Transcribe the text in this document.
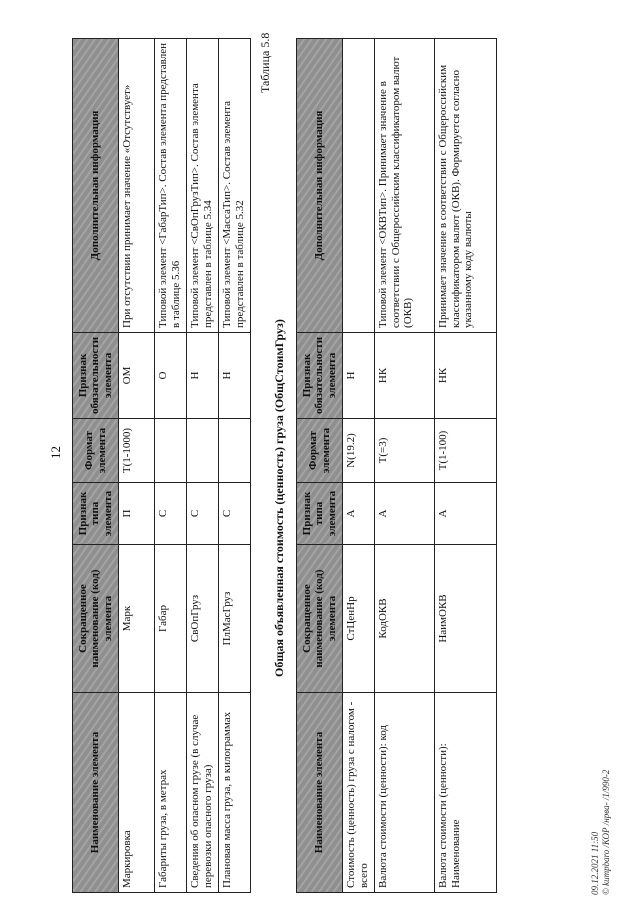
12
Наименование элемента	Сокращенное наименование (код) элемента	Признак типа элемента	Формат элемента	Признак обязательности элемента	Дополнительная информация
Маркировка	Марк	П	T(1-1000)	ОМ	При отсутствии принимает значение «Отсутствует»
Габариты груза, в метрах	Габар	С		О	Типовой элемент <ГабарТип>. Состав элемента представлен в таблице 5.36
Сведения об опасном грузе (в случае перевозки опасного груза)	СвОпГруз	С		Н	Типовой элемент <СвОпГрузТип>. Состав элемента представлен в таблице 5.34
Плановая масса груза, в килограммах	ПлМасГруз	С		Н	Типовой элемент <МассаТип>. Состав элемента представлен в таблице 5.32
Таблица 5.8
Общая объявленная стоимость (ценность) груза (ОбщСтоимГруз)
Наименование элемента	Сокращенное наименование (код) элемента	Признак типа элемента	Формат элемента	Признак обязательности элемента	Дополнительная информация
Стоимость (ценность) груза с налогом - всего	СтЦенНр	А	N(19.2)	Н	
Валюта стоимости (ценности): код	КодОКВ	А	T(=3)	НК	Типовой элемент <ОКВТип>. Принимает значение в соответствии с Общероссийским классификатором валют (ОКВ)
Валюта стоимости (ценности): Наименование	НаимОКВ	А	T(1-100)	НК	Принимает значение в соответствии с Общероссийским классификатором валют (ОКВ). Формируется согласно указанному коду валюты
09.12.2021 11:50 © kumpbaro /КОР /нрва- /1/990-2
